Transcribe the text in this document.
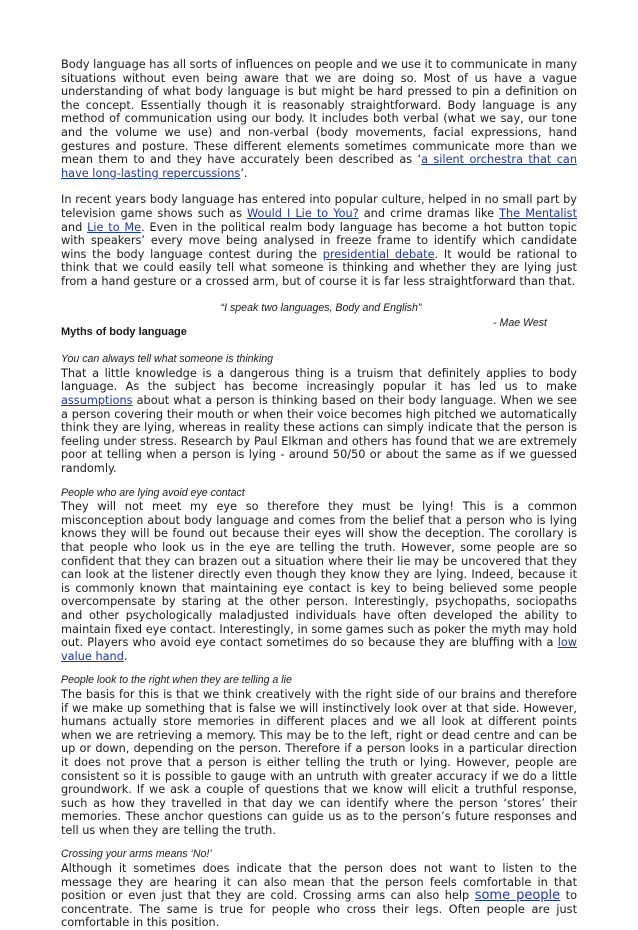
Body language has all sorts of influences on people and we use it to communicate in many situations without even being aware that we are doing so. Most of us have a vague understanding of what body language is but might be hard pressed to pin a definition on the concept. Essentially though it is reasonably straightforward. Body language is any method of communication using our body. It includes both verbal (what we say, our tone and the volume we use) and non-verbal (body movements, facial expressions, hand gestures and posture. These different elements sometimes communicate more than we mean them to and they have accurately been described as ‘a silent orchestra that can have long-lasting repercussions’.

In recent years body language has entered into popular culture, helped in no small part by television game shows such as Would I Lie to You? and crime dramas like The Mentalist and Lie to Me. Even in the political realm body language has become a hot button topic with speakers’ every move being analysed in freeze frame to identify which candidate wins the body language contest during the presidential debate. It would be rational to think that we could easily tell what someone is thinking and whether they are lying just from a hand gesture or a crossed arm, but of course it is far less straightforward than that.

“I speak two languages, Body and English”

- Mae West

Myths of body language

You can always tell what someone is thinking

That a little knowledge is a dangerous thing is a truism that definitely applies to body language. As the subject has become increasingly popular it has led us to make assumptions about what a person is thinking based on their body language. When we see a person covering their mouth or when their voice becomes high pitched we automatically think they are lying, whereas in reality these actions can simply indicate that the person is feeling under stress. Research by Paul Elkman and others has found that we are extremely poor at telling when a person is lying - around 50/50 or about the same as if we guessed randomly.

People who are lying avoid eye contact

They will not meet my eye so therefore they must be lying! This is a common misconception about body language and comes from the belief that a person who is lying knows they will be found out because their eyes will show the deception. The corollary is that people who look us in the eye are telling the truth. However, some people are so confident that they can brazen out a situation where their lie may be uncovered that they can look at the listener directly even though they know they are lying. Indeed, because it is commonly known that maintaining eye contact is key to being believed some people overcompensate by staring at the other person. Interestingly, psychopaths, sociopaths and other psychologically maladjusted individuals have often developed the ability to maintain fixed eye contact. Interestingly, in some games such as poker the myth may hold out. Players who avoid eye contact sometimes do so because they are bluffing with a low value hand.

People look to the right when they are telling a lie

The basis for this is that we think creatively with the right side of our brains and therefore if we make up something that is false we will instinctively look over at that side. However, humans actually store memories in different places and we all look at different points when we are retrieving a memory. This may be to the left, right or dead centre and can be up or down, depending on the person. Therefore if a person looks in a particular direction it does not prove that a person is either telling the truth or lying. However, people are consistent so it is possible to gauge with an untruth with greater accuracy if we do a little groundwork. If we ask a couple of questions that we know will elicit a truthful response, such as how they travelled in that day we can identify where the person ‘stores’ their memories. These anchor questions can guide us as to the person’s future responses and tell us when they are telling the truth.

Crossing your arms means ‘No!’

Although it sometimes does indicate that the person does not want to listen to the message they are hearing it can also mean that the person feels comfortable in that position or even just that they are cold. Crossing arms can also help some people to concentrate. The same is true for people who cross their legs. Often people are just comfortable in this position.
